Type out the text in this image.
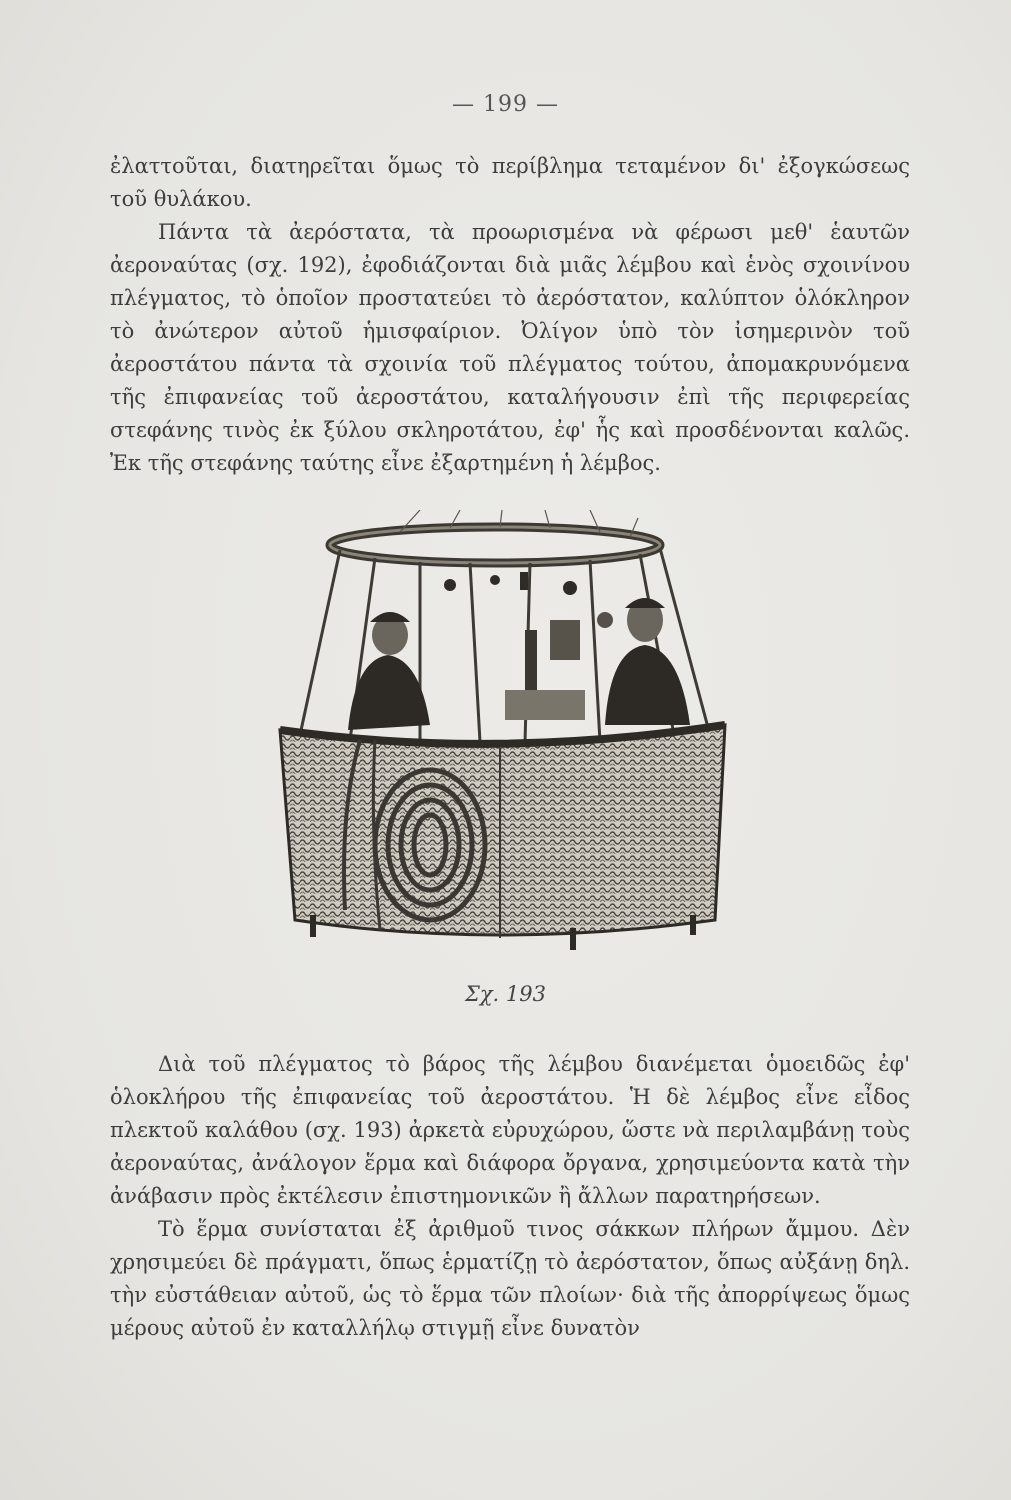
— 199 —

ἐλαττοῦται, διατηρεῖται ὅμως τὸ περίβλημα τεταμένον δι' ἐξογκώσεως τοῦ θυλάκου.

Πάντα τὰ ἀερόστατα, τὰ προωρισμένα νὰ φέρωσι μεθ' ἑαυτῶν ἀεροναύτας (σχ. 192), ἐφοδιάζονται διὰ μιᾶς λέμβου καὶ ἑνὸς σχοινίνου πλέγματος, τὸ ὁποῖον προστατεύει τὸ ἀερόστατον, καλύπτον ὁλόκληρον τὸ ἀνώτερον αὐτοῦ ἡμισφαίριον. Ὀλίγον ὑπὸ τὸν ἰσημερινὸν τοῦ ἀεροστάτου πάντα τὰ σχοινία τοῦ πλέγματος τούτου, ἀπομακρυνόμενα τῆς ἐπιφανείας τοῦ ἀεροστάτου, καταλήγουσιν ἐπὶ τῆς περιφερείας στεφάνης τινὸς ἐκ ξύλου σκληροτάτου, ἐφ' ἧς καὶ προσδένονται καλῶς. Ἐκ τῆς στεφάνης ταύτης εἶνε ἐξαρτημένη ἡ λέμβος.

Σχ. 193

Διὰ τοῦ πλέγματος τὸ βάρος τῆς λέμβου διανέμεται ὁμοειδῶς ἐφ' ὁλοκλήρου τῆς ἐπιφανείας τοῦ ἀεροστάτου. Ἡ δὲ λέμβος εἶνε εἶδος πλεκτοῦ καλάθου (σχ. 193) ἀρκετὰ εὐρυχώρου, ὥστε νὰ περιλαμβάνῃ τοὺς ἀεροναύτας, ἀνάλογον ἕρμα καὶ διάφορα ὄργανα, χρησιμεύοντα κατὰ τὴν ἀνάβασιν πρὸς ἐκτέλεσιν ἐπιστημονικῶν ἢ ἄλλων παρατηρήσεων.

Τὸ ἕρμα συνίσταται ἐξ ἀριθμοῦ τινος σάκκων πλήρων ἄμμου. Δὲν χρησιμεύει δὲ πράγματι, ὅπως ἑρματίζῃ τὸ ἀερόστατον, ὅπως αὐξάνῃ δηλ. τὴν εὐστάθειαν αὐτοῦ, ὡς τὸ ἕρμα τῶν πλοίων· διὰ τῆς ἀπορρίψεως ὅμως μέρους αὐτοῦ ἐν καταλλήλῳ στιγμῇ εἶνε δυνατὸν
